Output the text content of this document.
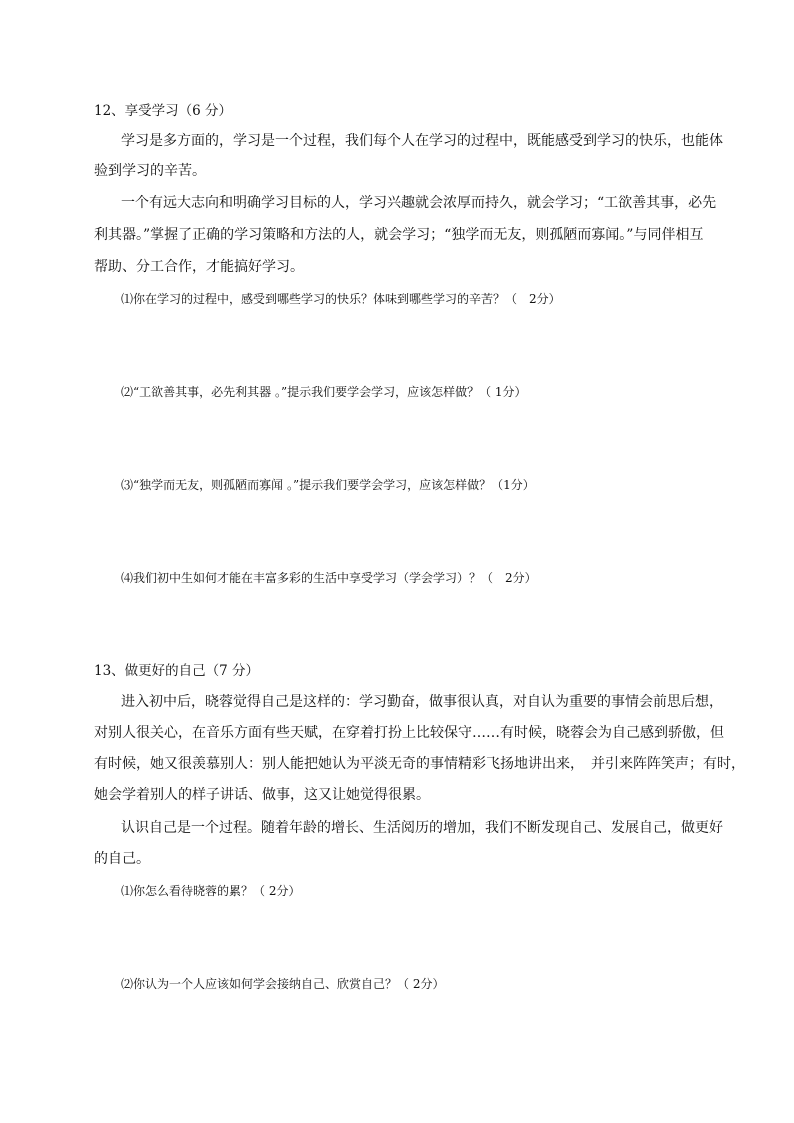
12、享受学习（6 分）
学习是多方面的，学习是一个过程，我们每个人在学习的过程中，既能感受到学习的快乐，也能体
验到学习的辛苦。
一个有远大志向和明确学习目标的人，学习兴趣就会浓厚而持久，就会学习；“工欲善其事，必先
利其器。”掌握了正确的学习策略和方法的人，就会学习；“独学而无友，则孤陋而寡闻。”与同伴相互
帮助、分工合作，才能搞好学习。
⑴你在学习的过程中，感受到哪些学习的快乐？体味到哪些学习的辛苦？（　2分）
⑵“工欲善其事，必先利其器 。”提示我们要学会学习，应该怎样做？（ 1分）
⑶“独学而无友，则孤陋而寡闻 。”提示我们要学会学习，应该怎样做？（1分）
⑷我们初中生如何才能在丰富多彩的生活中享受学习（学会学习）？（　2分）
13、做更好的自己（7 分）
进入初中后，晓蓉觉得自己是这样的：学习勤奋，做事很认真，对自认为重要的事情会前思后想，
对别人很关心，在音乐方面有些天赋，在穿着打扮上比较保守……有时候，晓蓉会为自己感到骄傲，但
有时候，她又很羡慕别人：别人能把她认为平淡无奇的事情精彩飞扬地讲出来，　并引来阵阵笑声；有时，
她会学着别人的样子讲话、做事，这又让她觉得很累。
认识自己是一个过程。随着年龄的增长、生活阅历的增加，我们不断发现自己、发展自己，做更好
的自己。
⑴你怎么看待晓蓉的累？（ 2分）
⑵你认为一个人应该如何学会接纳自己、欣赏自己？（ 2分）
